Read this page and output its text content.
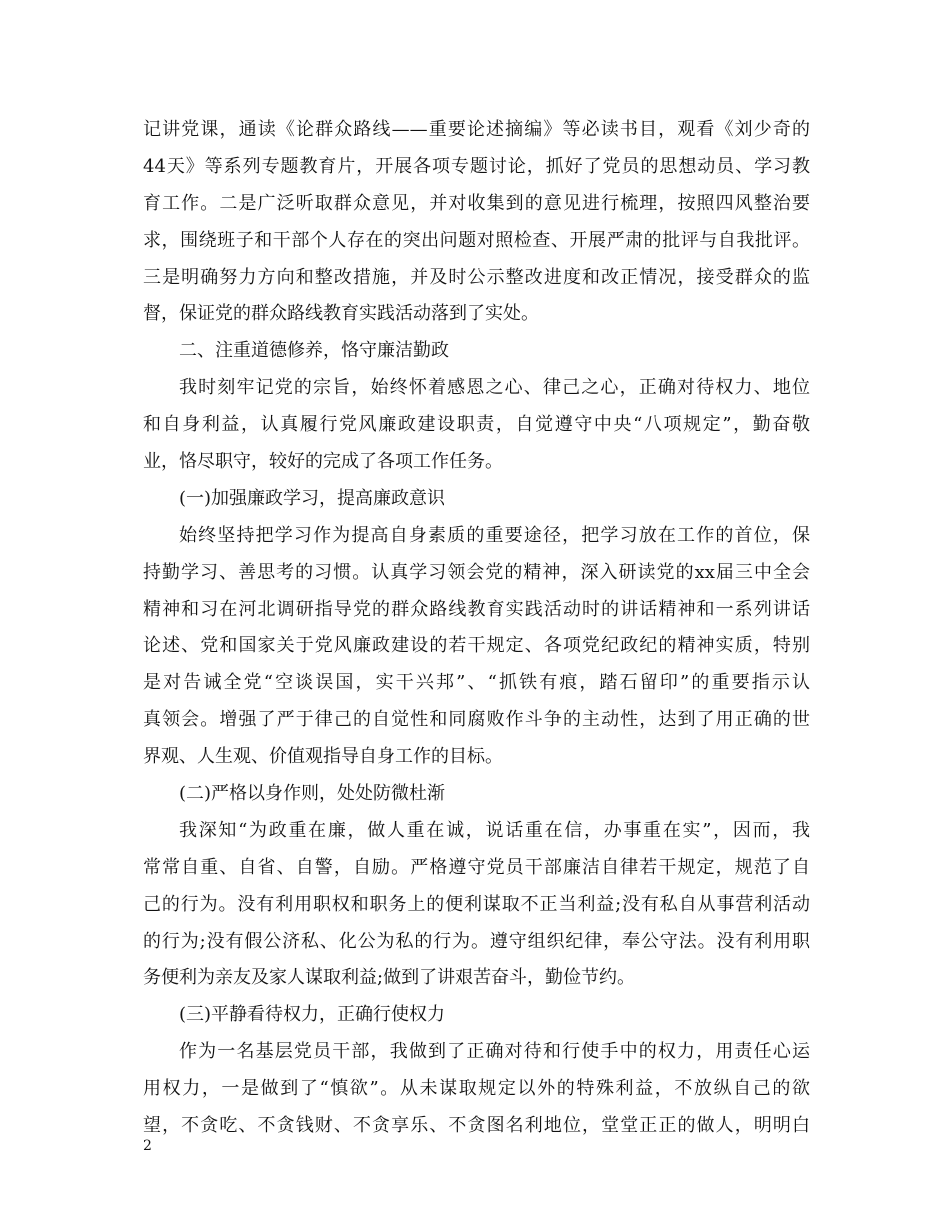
记讲党课，通读《论群众路线——重要论述摘编》等必读书目，观看《刘少奇的
44天》等系列专题教育片，开展各项专题讨论，抓好了党员的思想动员、学习教
育工作。二是广泛听取群众意见，并对收集到的意见进行梳理，按照四风整治要
求，围绕班子和干部个人存在的突出问题对照检查、开展严肃的批评与自我批评。
三是明确努力方向和整改措施，并及时公示整改进度和改正情况，接受群众的监
督，保证党的群众路线教育实践活动落到了实处。
二、注重道德修养，恪守廉洁勤政
我时刻牢记党的宗旨，始终怀着感恩之心、律己之心，正确对待权力、地位
和自身利益，认真履行党风廉政建设职责，自觉遵守中央“八项规定”，勤奋敬
业，恪尽职守，较好的完成了各项工作任务。
(一)加强廉政学习，提高廉政意识
始终坚持把学习作为提高自身素质的重要途径，把学习放在工作的首位，保
持勤学习、善思考的习惯。认真学习领会党的精神，深入研读党的xx届三中全会
精神和习在河北调研指导党的群众路线教育实践活动时的讲话精神和一系列讲话
论述、党和国家关于党风廉政建设的若干规定、各项党纪政纪的精神实质，特别
是对告诫全党“空谈误国，实干兴邦”、“抓铁有痕，踏石留印”的重要指示认
真领会。增强了严于律己的自觉性和同腐败作斗争的主动性，达到了用正确的世
界观、人生观、价值观指导自身工作的目标。
(二)严格以身作则，处处防微杜渐
我深知“为政重在廉，做人重在诚，说话重在信，办事重在实”，因而，我
常常自重、自省、自警，自励。严格遵守党员干部廉洁自律若干规定，规范了自
己的行为。没有利用职权和职务上的便利谋取不正当利益;没有私自从事营利活动
的行为;没有假公济私、化公为私的行为。遵守组织纪律，奉公守法。没有利用职
务便利为亲友及家人谋取利益;做到了讲艰苦奋斗，勤俭节约。
(三)平静看待权力，正确行使权力
作为一名基层党员干部，我做到了正确对待和行使手中的权力，用责任心运
用权力，一是做到了“慎欲”。从未谋取规定以外的特殊利益，不放纵自己的欲
望，不贪吃、不贪钱财、不贪享乐、不贪图名利地位，堂堂正正的做人，明明白
2
